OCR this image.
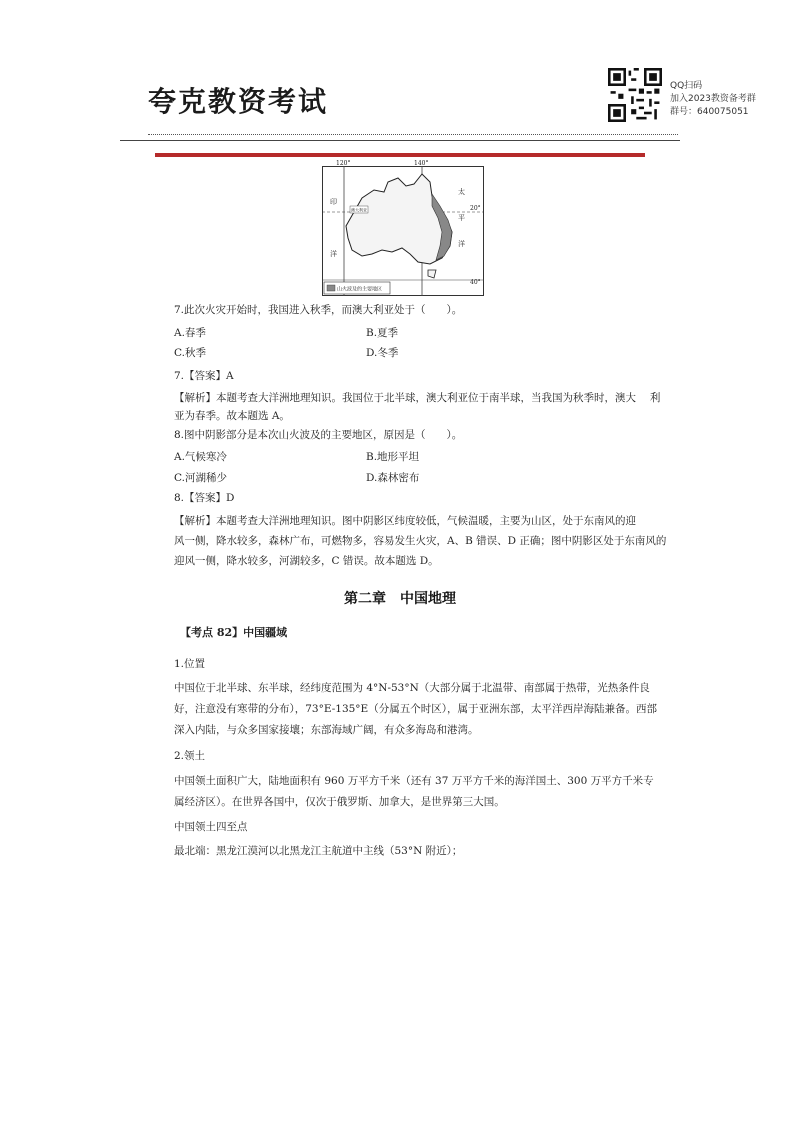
夸克教资考试	QQ扫码
加入2023教资备考群
群号：640075051
120°	140°
20°
40°
澳大利亚
印
洋
太
平
洋
山火波及的主要地区
7.此次火灾开始时，我国进入秋季，而澳大利亚处于（　　）。
A.春季	B.夏季
C.秋季	D.冬季
7.【答案】A
【解析】本题考查大洋洲地理知识。我国位于北半球，澳大利亚位于南半球，当我国为秋季时，澳大　 利
亚为春季。故本题选 A。
8.图中阴影部分是本次山火波及的主要地区，原因是（　　）。
A.气候寒冷	B.地形平坦
C.河湖稀少	D.森林密布
8.【答案】D
【解析】本题考查大洋洲地理知识。图中阴影区纬度较低，气候温暖，主要为山区，处于东南风的迎
风一侧，降水较多，森林广布，可燃物多，容易发生火灾，A、B 错误、D 正确；图中阴影区处于东南风的
迎风一侧，降水较多，河湖较多，C 错误。故本题选 D。
第二章　中国地理
【考点 82】中国疆域
1.位置
中国位于北半球、东半球，经纬度范围为 4°N-53°N（大部分属于北温带、南部属于热带，光热条件良
好，注意没有寒带的分布），73°E-135°E（分属五个时区），属于亚洲东部，太平洋西岸海陆兼备。西部
深入内陆，与众多国家接壤；东部海域广阔，有众多海岛和港湾。
2.领土
中国领土面积广大，陆地面积有 960 万平方千米（还有 37 万平方千米的海洋国土、300 万平方千米专
属经济区）。在世界各国中，仅次于俄罗斯、加拿大，是世界第三大国。
中国领土四至点
最北端：黑龙江漠河以北黑龙江主航道中主线（53°N 附近）；
